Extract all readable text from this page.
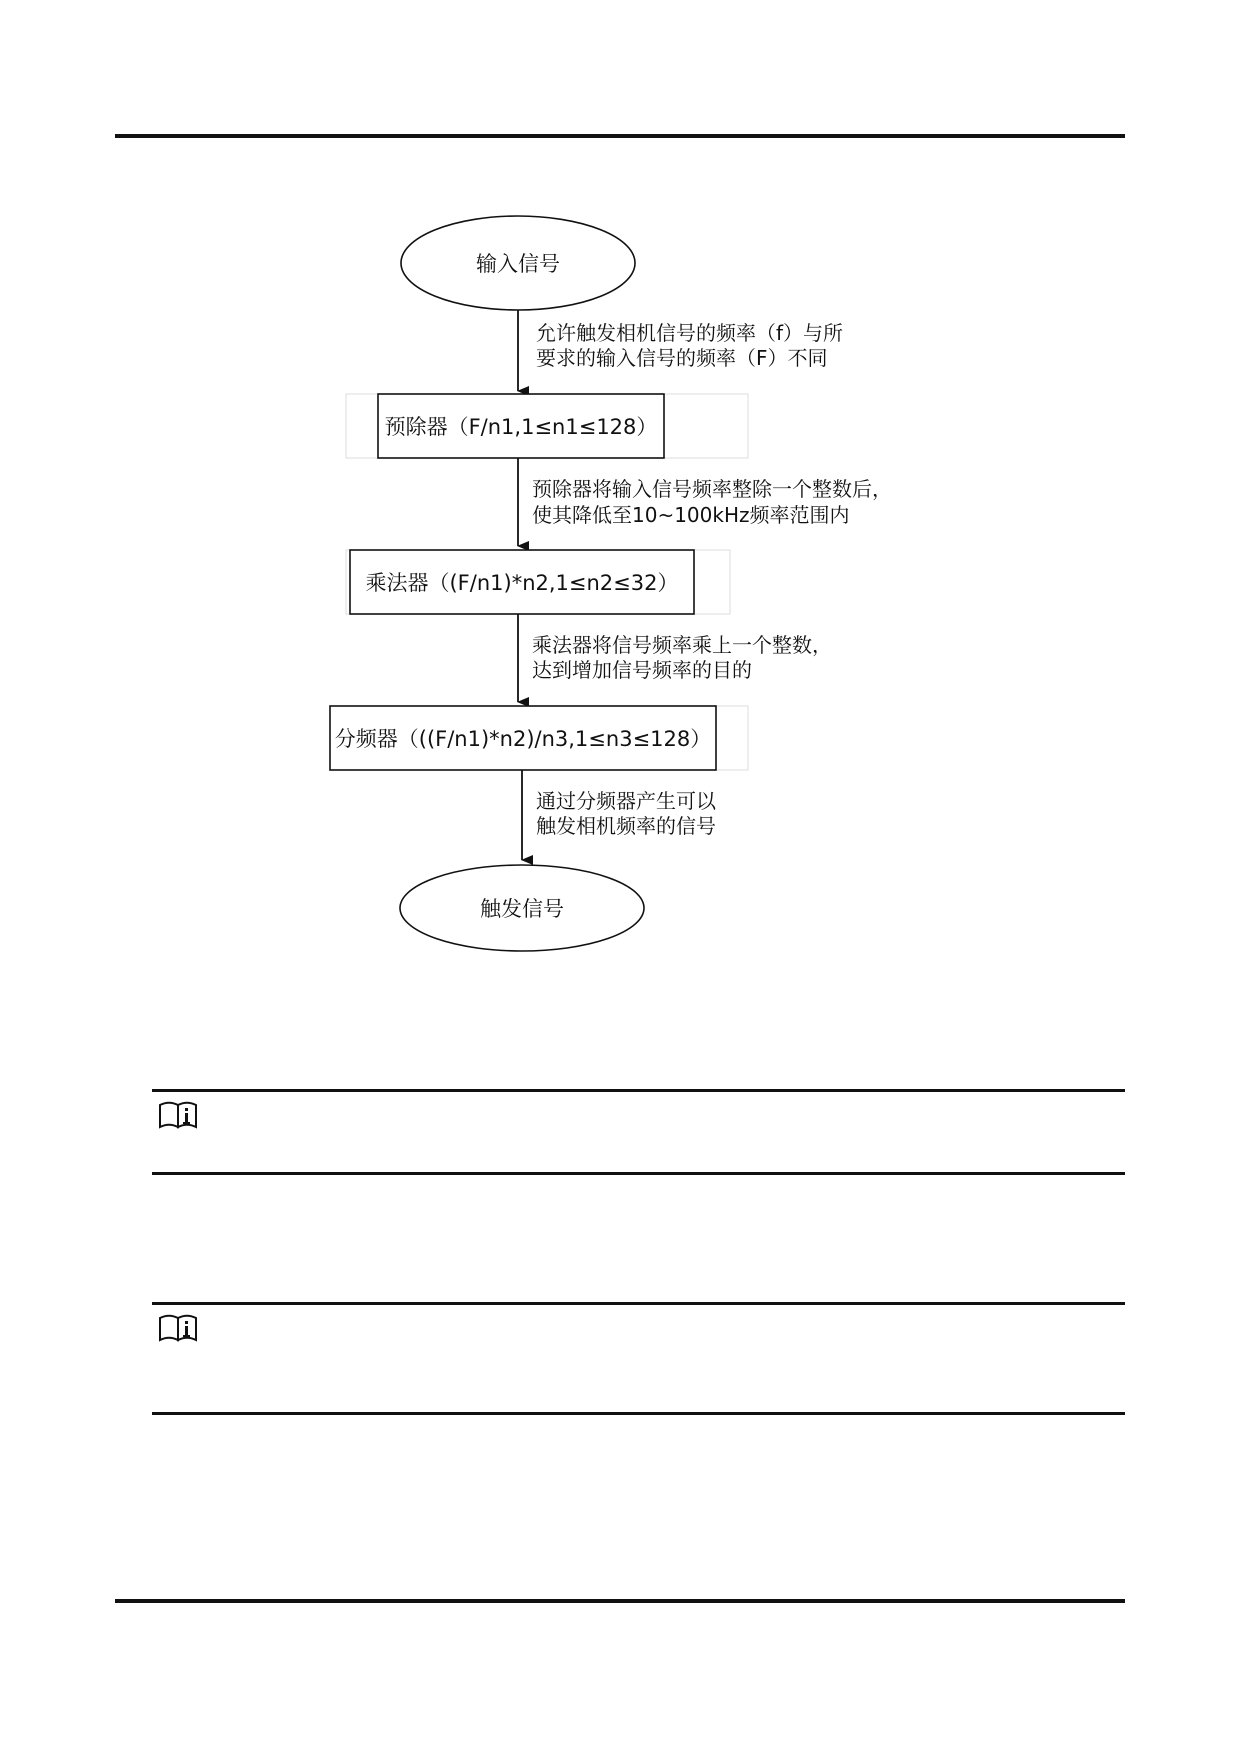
输入信号
允许触发相机信号的频率（f）与所
要求的输入信号的频率（F）不同
预除器（F/n1,1≤n1≤128）
预除器将输入信号频率整除一个整数后，
使其降低至10~100kHz频率范围内
乘法器（(F/n1)*n2,1≤n2≤32）
乘法器将信号频率乘上一个整数，
达到增加信号频率的目的
分频器（((F/n1)*n2)/n3,1≤n3≤128）
通过分频器产生可以
触发相机频率的信号
触发信号
